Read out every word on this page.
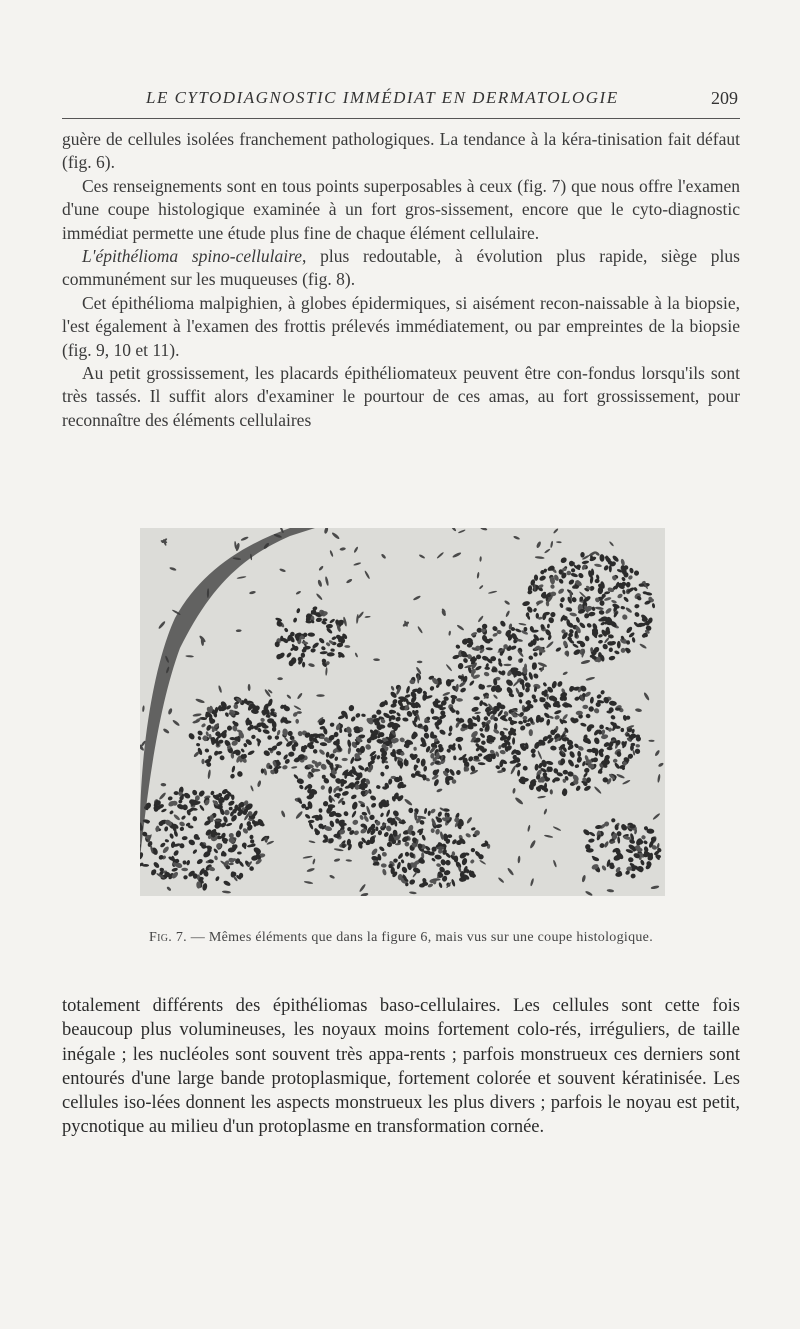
LE CYTODIAGNOSTIC IMMÉDIAT EN DERMATOLOGIE	209

guère de cellules isolées franchement pathologiques. La tendance à la kéra-tinisation fait défaut (fig. 6).

Ces renseignements sont en tous points superposables à ceux (fig. 7) que nous offre l'examen d'une coupe histologique examinée à un fort gros-sissement, encore que le cyto-diagnostic immédiat permette une étude plus fine de chaque élément cellulaire.

L'épithélioma spino-cellulaire, plus redoutable, à évolution plus rapide, siège plus communément sur les muqueuses (fig. 8).

Cet épithélioma malpighien, à globes épidermiques, si aisément recon-naissable à la biopsie, l'est également à l'examen des frottis prélevés immédiatement, ou par empreintes de la biopsie (fig. 9, 10 et 11).

Au petit grossissement, les placards épithéliomateux peuvent être con-fondus lorsqu'ils sont très tassés. Il suffit alors d'examiner le pourtour de ces amas, au fort grossissement, pour reconnaître des éléments cellulaires

Fig. 7. — Mêmes éléments que dans la figure 6, mais vus sur une coupe histologique.

totalement différents des épithéliomas baso-cellulaires. Les cellules sont cette fois beaucoup plus volumineuses, les noyaux moins fortement colo-rés, irréguliers, de taille inégale ; les nucléoles sont souvent très appa-rents ; parfois monstrueux ces derniers sont entourés d'une large bande protoplasmique, fortement colorée et souvent kératinisée. Les cellules iso-lées donnent les aspects monstrueux les plus divers ; parfois le noyau est petit, pycnotique au milieu d'un protoplasme en transformation cornée.
